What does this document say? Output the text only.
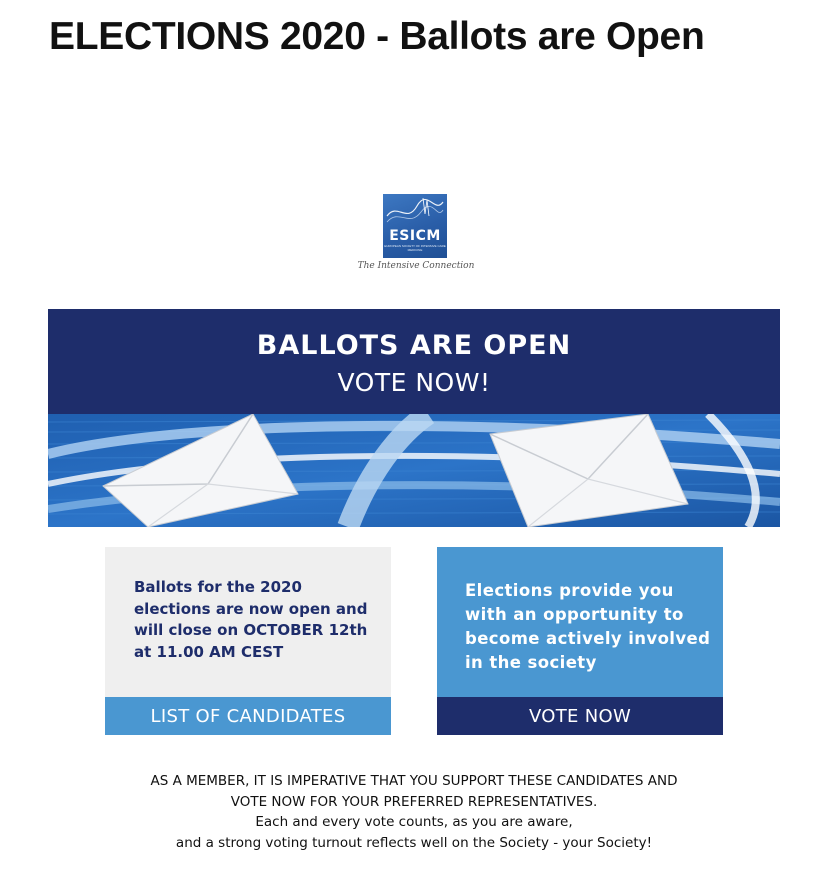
ELECTIONS 2020 - Ballots are Open
ESICM
EUROPEAN SOCIETY OF INTENSIVE CARE MEDICINE
The Intensive Connection
BALLOTS ARE OPEN
VOTE NOW!
Ballots for the 2020 elections are now open and will close on OCTOBER 12th at 11.00 AM CEST
LIST OF CANDIDATES
Elections provide you with an opportunity to become actively involved in the society
VOTE NOW
AS A MEMBER, IT IS IMPERATIVE THAT YOU SUPPORT THESE CANDIDATES AND
VOTE NOW FOR YOUR PREFERRED REPRESENTATIVES.
Each and every vote counts, as you are aware,
and a strong voting turnout reflects well on the Society - your Society!
